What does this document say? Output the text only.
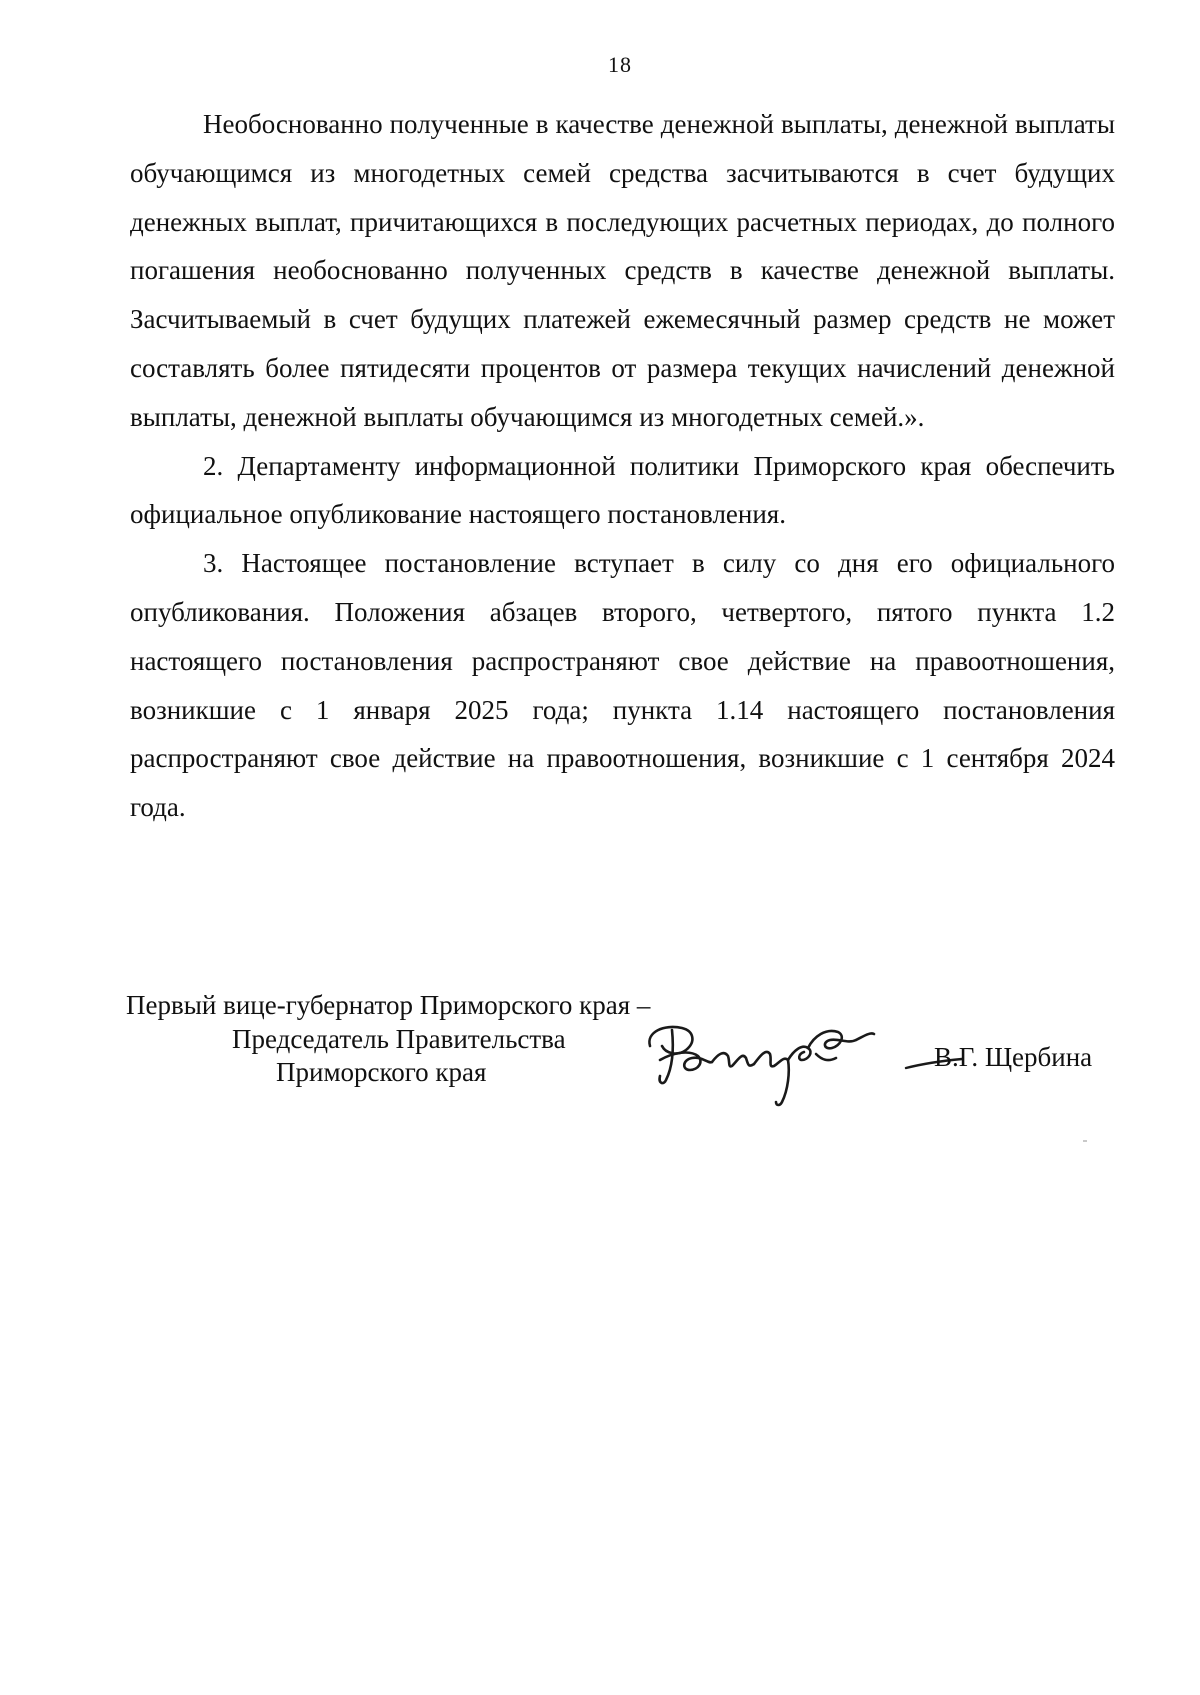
18

Необоснованно полученные в качестве денежной выплаты, денежной выплаты обучающимся из многодетных семей средства засчитываются в счет будущих денежных выплат, причитающихся в последующих расчетных периодах, до полного погашения необоснованно полученных средств в качестве денежной выплаты. Засчитываемый в счет будущих платежей ежемесячный размер средств не может составлять более пятидесяти процентов от размера текущих начислений денежной выплаты, денежной выплаты обучающимся из многодетных семей.».

2. Департаменту информационной политики Приморского края обеспечить официальное опубликование настоящего постановления.

3. Настоящее постановление вступает в силу со дня его официального опубликования. Положения абзацев второго, четвертого, пятого пункта 1.2 настоящего постановления распространяют свое действие на правоотношения, возникшие с 1 января 2025 года; пункта 1.14 настоящего постановления распространяют свое действие на правоотношения, возникшие с 1 сентября 2024 года.

Первый вице-губернатор Приморского края –
Председатель Правительства
Приморского края	В.Г. Щербина
